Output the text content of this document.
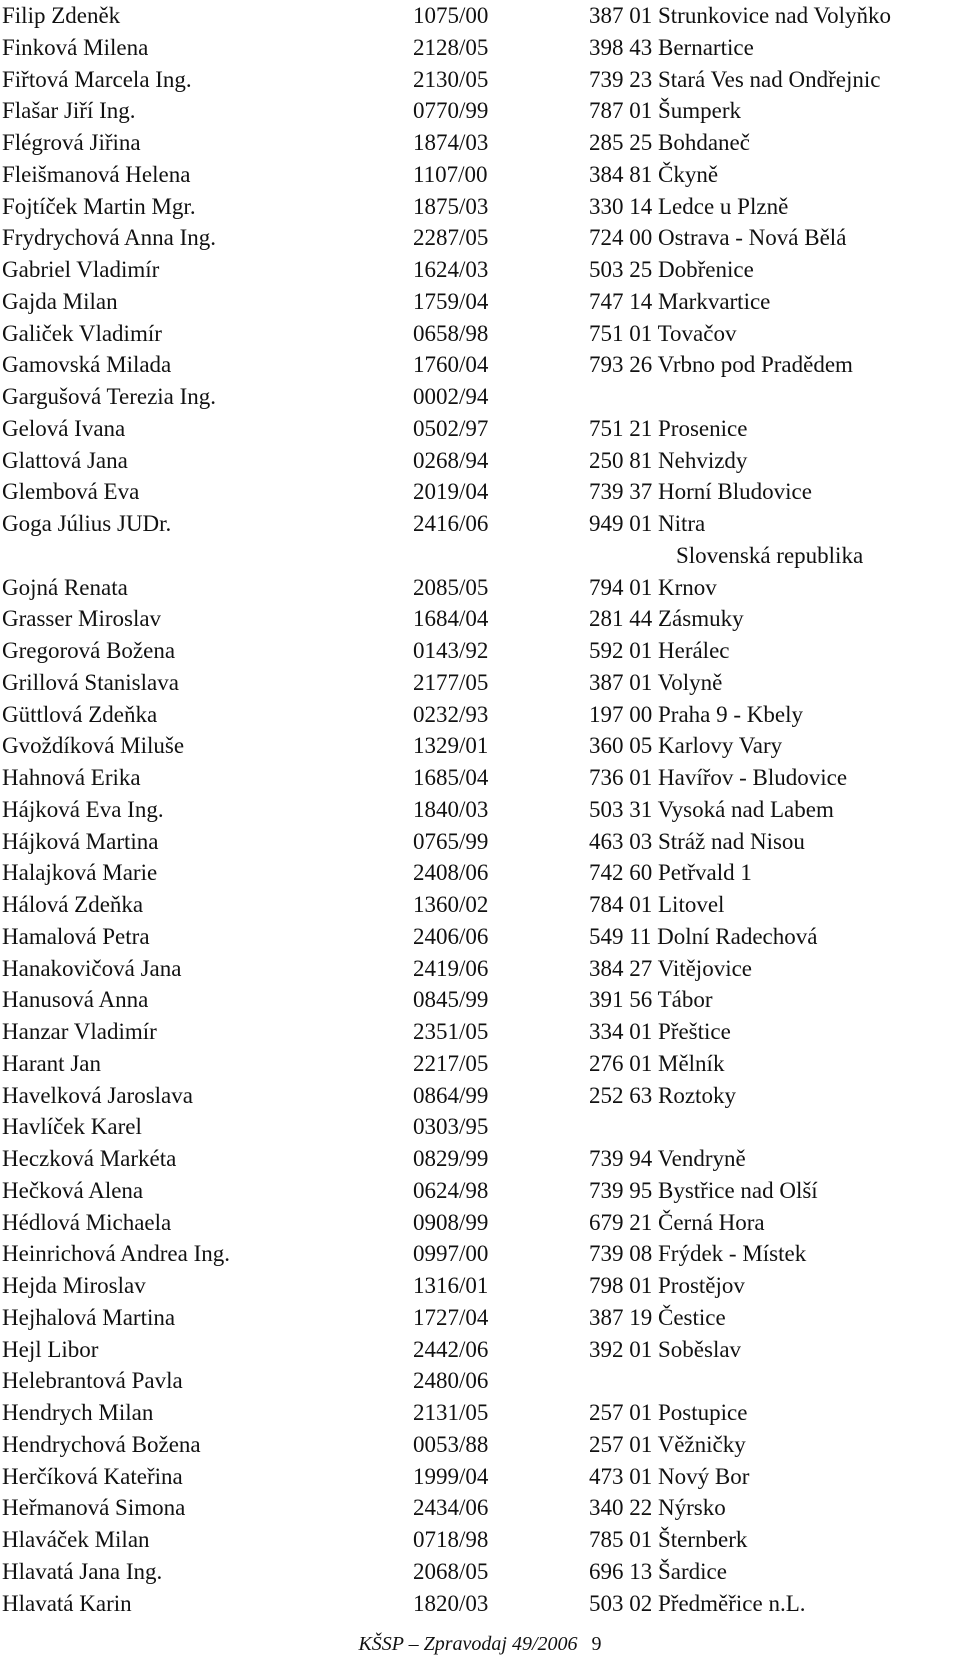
Filip Zdeněk	1075/00	387 01 Strunkovice nad Volyňko
Finková Milena	2128/05	398 43 Bernartice
Fiřtová Marcela Ing.	2130/05	739 23 Stará Ves nad Ondřejnic
Flašar Jiří Ing.	0770/99	787 01 Šumperk
Flégrová Jiřina	1874/03	285 25 Bohdaneč
Fleišmanová Helena	1107/00	384 81 Čkyně
Fojtíček Martin Mgr.	1875/03	330 14 Ledce u Plzně
Frydrychová Anna Ing.	2287/05	724 00 Ostrava - Nová Bělá
Gabriel Vladimír	1624/03	503 25 Dobřenice
Gajda Milan	1759/04	747 14 Markvartice
Galiček Vladimír	0658/98	751 01 Tovačov
Gamovská Milada	1760/04	793 26 Vrbno pod Pradědem
Gargušová Terezia Ing.	0002/94
Gelová Ivana	0502/97	751 21 Prosenice
Glattová Jana	0268/94	250 81 Nehvizdy
Glembová Eva	2019/04	739 37 Horní Bludovice
Goga Július JUDr.	2416/06	949 01 Nitra
Slovenská republika
Gojná Renata	2085/05	794 01 Krnov
Grasser Miroslav	1684/04	281 44 Zásmuky
Gregorová Božena	0143/92	592 01 Herálec
Grillová Stanislava	2177/05	387 01 Volyně
Güttlová Zdeňka	0232/93	197 00 Praha 9 - Kbely
Gvoždíková Miluše	1329/01	360 05 Karlovy Vary
Hahnová Erika	1685/04	736 01 Havířov - Bludovice
Hájková Eva Ing.	1840/03	503 31 Vysoká nad Labem
Hájková Martina	0765/99	463 03 Stráž nad Nisou
Halajková Marie	2408/06	742 60 Petřvald 1
Hálová Zdeňka	1360/02	784 01 Litovel
Hamalová Petra	2406/06	549 11 Dolní Radechová
Hanakovičová Jana	2419/06	384 27 Vitějovice
Hanusová Anna	0845/99	391 56 Tábor
Hanzar Vladimír	2351/05	334 01 Přeštice
Harant Jan	2217/05	276 01 Mělník
Havelková Jaroslava	0864/99	252 63 Roztoky
Havlíček Karel	0303/95
Heczková Markéta	0829/99	739 94 Vendryně
Hečková Alena	0624/98	739 95 Bystřice nad Olší
Hédlová Michaela	0908/99	679 21 Černá Hora
Heinrichová Andrea Ing.	0997/00	739 08 Frýdek - Místek
Hejda Miroslav	1316/01	798 01 Prostějov
Hejhalová Martina	1727/04	387 19 Čestice
Hejl Libor	2442/06	392 01 Soběslav
Helebrantová Pavla	2480/06
Hendrych Milan	2131/05	257 01 Postupice
Hendrychová Božena	0053/88	257 01 Věžničky
Herčíková Kateřina	1999/04	473 01 Nový Bor
Heřmanová Simona	2434/06	340 22 Nýrsko
Hlaváček Milan	0718/98	785 01 Šternberk
Hlavatá Jana Ing.	2068/05	696 13 Šardice
Hlavatá Karin	1820/03	503 02 Předměřice n.L.
KŠSP – Zpravodaj 49/2006 9
